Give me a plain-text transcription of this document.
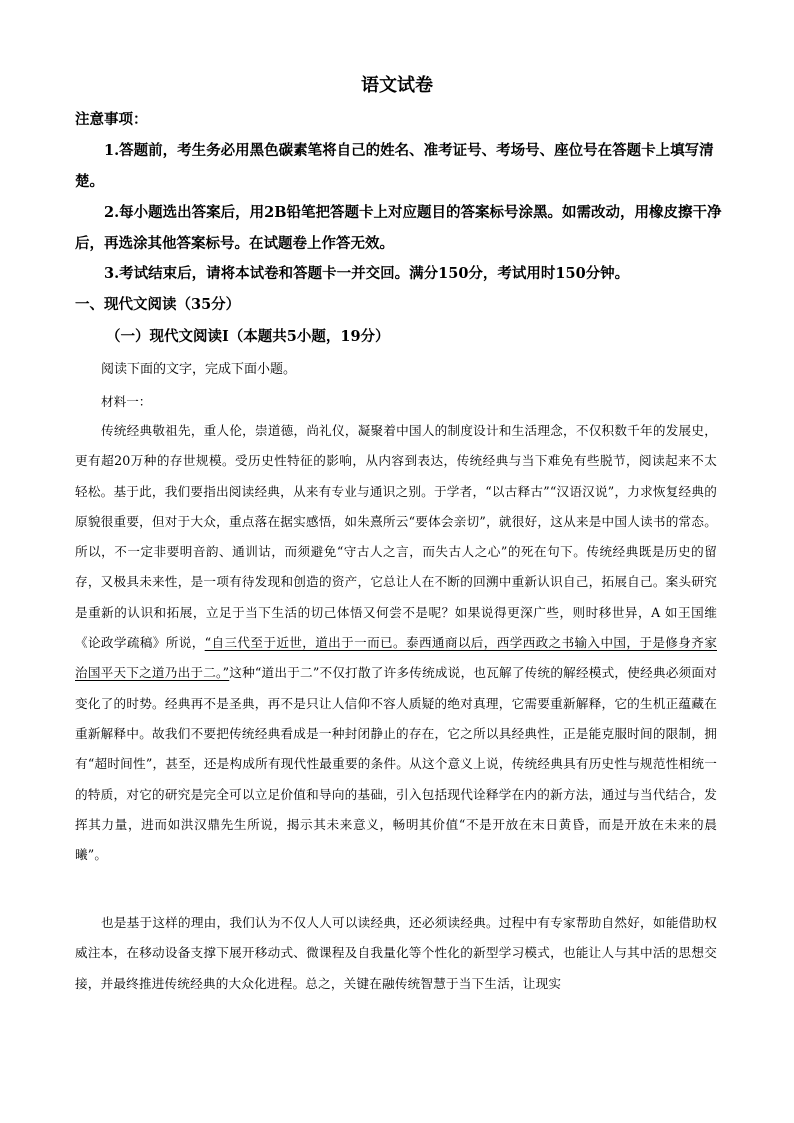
语文试卷
注意事项：
1.答题前，考生务必用黑色碳素笔将自己的姓名、准考证号、考场号、座位号在答题卡上填写清楚。
2.每小题选出答案后，用2B铅笔把答题卡上对应题目的答案标号涂黑。如需改动，用橡皮擦干净后，再选涂其他答案标号。在试题卷上作答无效。
3.考试结束后，请将本试卷和答题卡一并交回。满分150分，考试用时150分钟。
一、现代文阅读（35分）
（一）现代文阅读Ⅰ（本题共5小题，19分）
阅读下面的文字，完成下面小题。
材料一：
传统经典敬祖先，重人伦，崇道德，尚礼仪，凝聚着中国人的制度设计和生活理念，不仅积数千年的发展史，更有超20万种的存世规模。受历史性特征的影响，从内容到表达，传统经典与当下难免有些脱节，阅读起来不太轻松。基于此，我们要指出阅读经典，从来有专业与通识之别。于学者，“以古释古”“汉语汉说”，力求恢复经典的原貌很重要，但对于大众，重点落在据实感悟，如朱熹所云“要体会亲切”，就很好，这从来是中国人读书的常态。所以，不一定非要明音韵、通训诂，而须避免“守古人之言，而失古人之心”的死在句下。传统经典既是历史的留存，又极具未来性，是一项有待发现和创造的资产，它总让人在不断的回溯中重新认识自己，拓展自己。案头研究是重新的认识和拓展，立足于当下生活的切己体悟又何尝不是呢？如果说得更深广些，则时移世异，A 如王国维《论政学疏稿》所说，“自三代至于近世，道出于一而已。泰西通商以后，西学西政之书输入中国，于是修身齐家治国平天下之道乃出于二。”这种“道出于二”不仅打散了许多传统成说，也瓦解了传统的解经模式，使经典必须面对变化了的时势。经典再不是圣典，再不是只让人信仰不容人质疑的绝对真理，它需要重新解释，它的生机正蕴藏在重新解释中。故我们不要把传统经典看成是一种封闭静止的存在，它之所以具经典性，正是能克服时间的限制，拥有“超时间性”，甚至，还是构成所有现代性最重要的条件。从这个意义上说，传统经典具有历史性与规范性相统一的特质，对它的研究是完全可以立足价值和导向的基础，引入包括现代诠释学在内的新方法，通过与当代结合，发挥其力量，进而如洪汉鼎先生所说，揭示其未来意义，畅明其价值“不是开放在末日黄昏，而是开放在未来的晨曦”。
也是基于这样的理由，我们认为不仅人人可以读经典，还必须读经典。过程中有专家帮助自然好，如能借助权威注本，在移动设备支撑下展开移动式、微课程及自我量化等个性化的新型学习模式，也能让人与其中活的思想交接，并最终推进传统经典的大众化进程。总之，关键在融传统智慧于当下生活，让现实
